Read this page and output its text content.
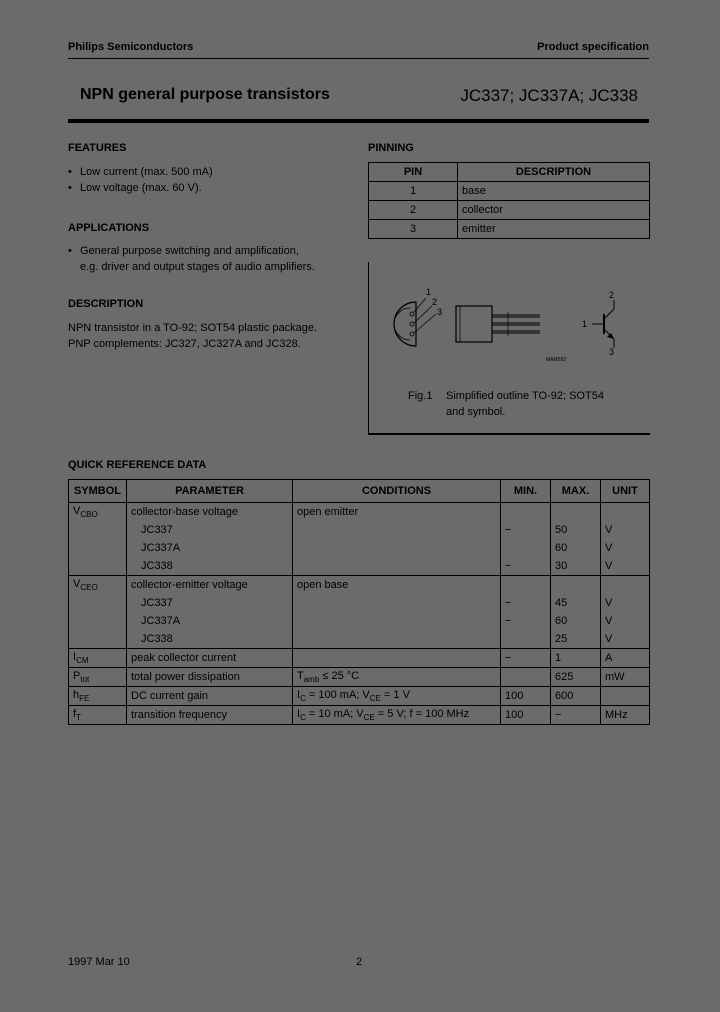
Philips Semiconductors	Product specification
NPN general purpose transistors	JC337; JC337A; JC338
FEATURES
• Low current (max. 500 mA)
• Low voltage (max. 60 V).
APPLICATIONS
• General purpose switching and amplification,
e.g. driver and output stages of audio amplifiers.
DESCRIPTION
NPN transistor in a TO-92; SOT54 plastic package.
PNP complements: JC327, JC327A and JC328.
PINNING
PIN	DESCRIPTION
1	base
2	collector
3	emitter
1
2
3
MAM282
1
2
3
Fig.1 Simplified outline TO-92; SOT54
and symbol.
QUICK REFERENCE DATA
SYMBOL	PARAMETER	CONDITIONS	MIN.	MAX.	UNIT
$V_{CBO}$	collector-base voltage	open emitter			
	JC337		−	50	V
	JC337A			60	V
	JC338		−	30	V
$V_{CEO}$	collector-emitter voltage	open base			
	JC337		−	45	V
	JC337A		−	60	V
	JC338			25	V
$I_{CM}$	peak collector current		−	1	A
$P_{tot}$	total power dissipation	$T_{amb} \le 25$ °C		625	mW
$h_{FE}$	DC current gain	$I_C = 100$ mA; $V_{CE} = 1$ V	100	600	
$f_T$	transition frequency	$I_C = 10$ mA; $V_{CE} = 5$ V; f = 100 MHz	100	−	MHz
1997 Mar 10	2
